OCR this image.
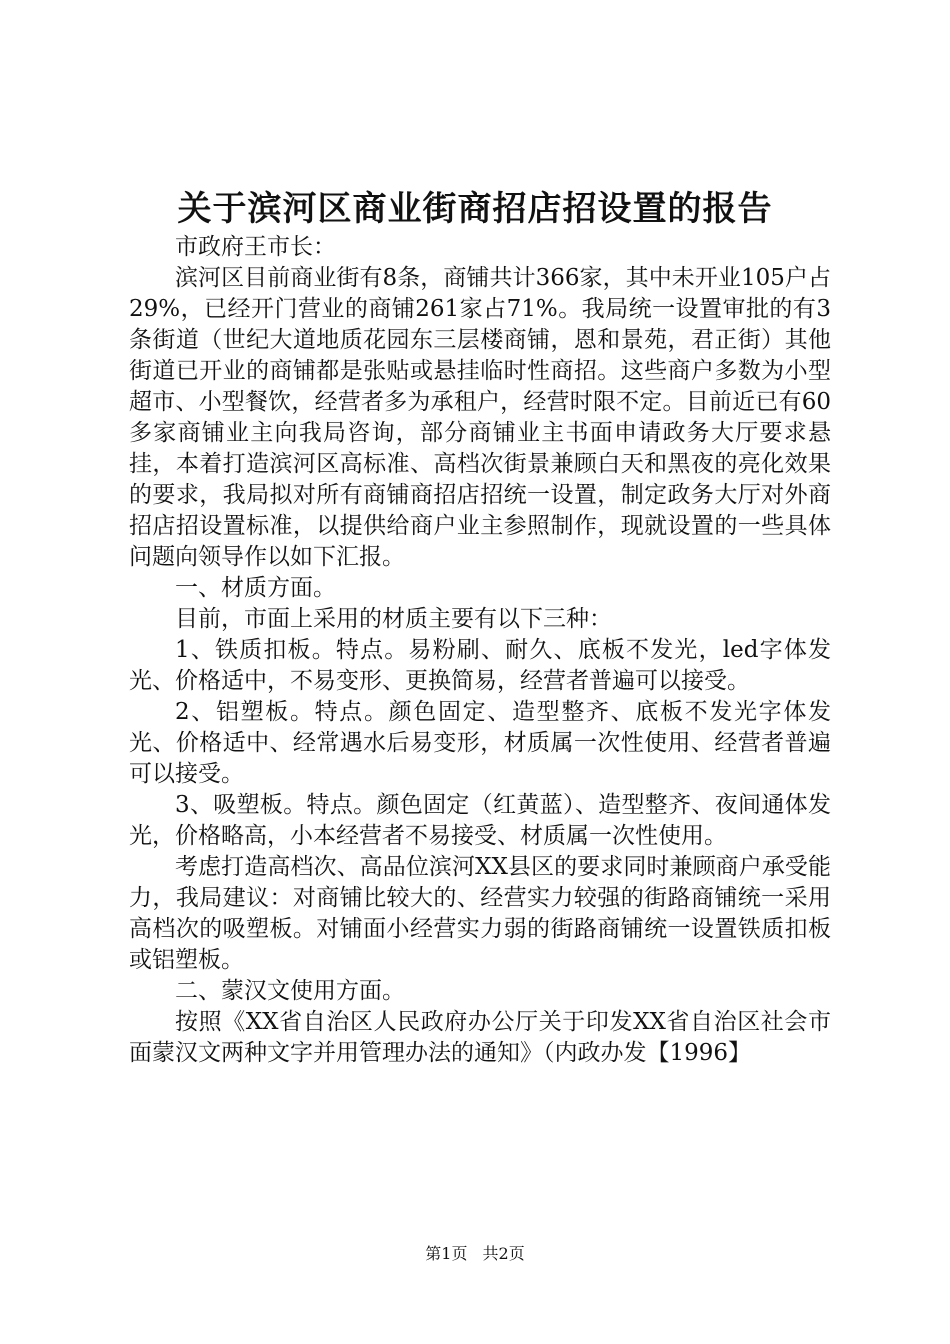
关于滨河区商业街商招店招设置的报告

市政府王市长：

滨河区目前商业街有8条，商铺共计366家，其中未开业105户占29%，已经开门营业的商铺261家占71%。我局统一设置审批的有3条街道（世纪大道地质花园东三层楼商铺，恩和景苑，君正街）其他街道已开业的商铺都是张贴或悬挂临时性商招。这些商户多数为小型超市、小型餐饮，经营者多为承租户，经营时限不定。目前近已有60多家商铺业主向我局咨询，部分商铺业主书面申请政务大厅要求悬挂，本着打造滨河区高标准、高档次街景兼顾白天和黑夜的亮化效果的要求，我局拟对所有商铺商招店招统一设置，制定政务大厅对外商招店招设置标准，以提供给商户业主参照制作，现就设置的一些具体问题向领导作以如下汇报。

一、材质方面。

目前，市面上采用的材质主要有以下三种：

1、铁质扣板。特点。易粉刷、耐久、底板不发光，led字体发光、价格适中，不易变形、更换简易，经营者普遍可以接受。

2、铝塑板。特点。颜色固定、造型整齐、底板不发光字体发光、价格适中、经常遇水后易变形，材质属一次性使用、经营者普遍可以接受。

3、吸塑板。特点。颜色固定（红黄蓝）、造型整齐、夜间通体发光，价格略高，小本经营者不易接受、材质属一次性使用。

考虑打造高档次、高品位滨河XX县区的要求同时兼顾商户承受能力，我局建议：对商铺比较大的、经营实力较强的街路商铺统一采用高档次的吸塑板。对铺面小经营实力弱的街路商铺统一设置铁质扣板或铝塑板。

二、蒙汉文使用方面。

按照《XX省自治区人民政府办公厅关于印发XX省自治区社会市面蒙汉文两种文字并用管理办法的通知》（内政办发【1996】

第1页 共2页
